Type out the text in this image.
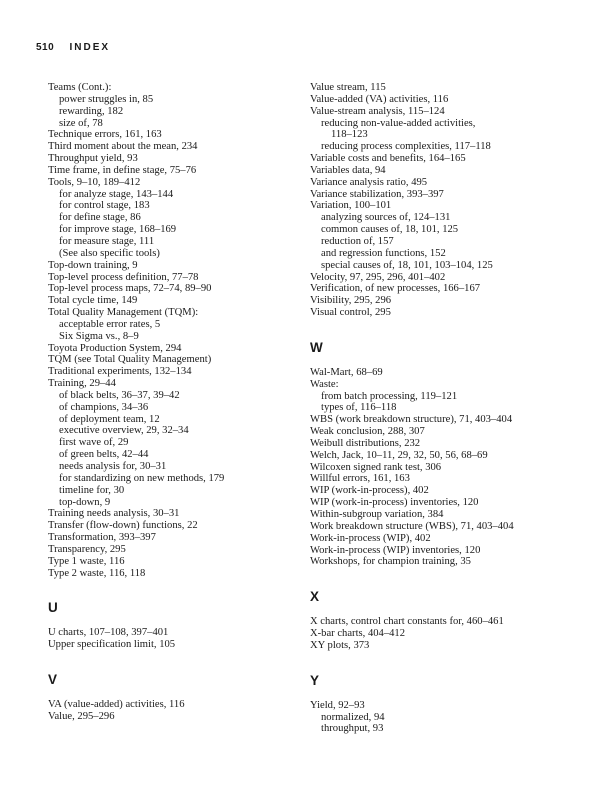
510 INDEX
Teams (Cont.):
power struggles in, 85
rewarding, 182
size of, 78
Technique errors, 161, 163
Third moment about the mean, 234
Throughput yield, 93
Time frame, in define stage, 75–76
Tools, 9–10, 189–412
for analyze stage, 143–144
for control stage, 183
for define stage, 86
for improve stage, 168–169
for measure stage, 111
(See also specific tools)
Top-down training, 9
Top-level process definition, 77–78
Top-level process maps, 72–74, 89–90
Total cycle time, 149
Total Quality Management (TQM):
acceptable error rates, 5
Six Sigma vs., 8–9
Toyota Production System, 294
TQM (see Total Quality Management)
Traditional experiments, 132–134
Training, 29–44
of black belts, 36–37, 39–42
of champions, 34–36
of deployment team, 12
executive overview, 29, 32–34
first wave of, 29
of green belts, 42–44
needs analysis for, 30–31
for standardizing on new methods, 179
timeline for, 30
top-down, 9
Training needs analysis, 30–31
Transfer (flow-down) functions, 22
Transformation, 393–397
Transparency, 295
Type 1 waste, 116
Type 2 waste, 116, 118
U
U charts, 107–108, 397–401
Upper specification limit, 105
V
VA (value-added) activities, 116
Value, 295–296
Value stream, 115
Value-added (VA) activities, 116
Value-stream analysis, 115–124
reducing non-value-added activities,
118–123
reducing process complexities, 117–118
Variable costs and benefits, 164–165
Variables data, 94
Variance analysis ratio, 495
Variance stabilization, 393–397
Variation, 100–101
analyzing sources of, 124–131
common causes of, 18, 101, 125
reduction of, 157
and regression functions, 152
special causes of, 18, 101, 103–104, 125
Velocity, 97, 295, 296, 401–402
Verification, of new processes, 166–167
Visibility, 295, 296
Visual control, 295
W
Wal-Mart, 68–69
Waste:
from batch processing, 119–121
types of, 116–118
WBS (work breakdown structure), 71, 403–404
Weak conclusion, 288, 307
Weibull distributions, 232
Welch, Jack, 10–11, 29, 32, 50, 56, 68–69
Wilcoxen signed rank test, 306
Willful errors, 161, 163
WIP (work-in-process), 402
WIP (work-in-process) inventories, 120
Within-subgroup variation, 384
Work breakdown structure (WBS), 71, 403–404
Work-in-process (WIP), 402
Work-in-process (WIP) inventories, 120
Workshops, for champion training, 35
X
X charts, control chart constants for, 460–461
X-bar charts, 404–412
XY plots, 373
Y
Yield, 92–93
normalized, 94
throughput, 93
